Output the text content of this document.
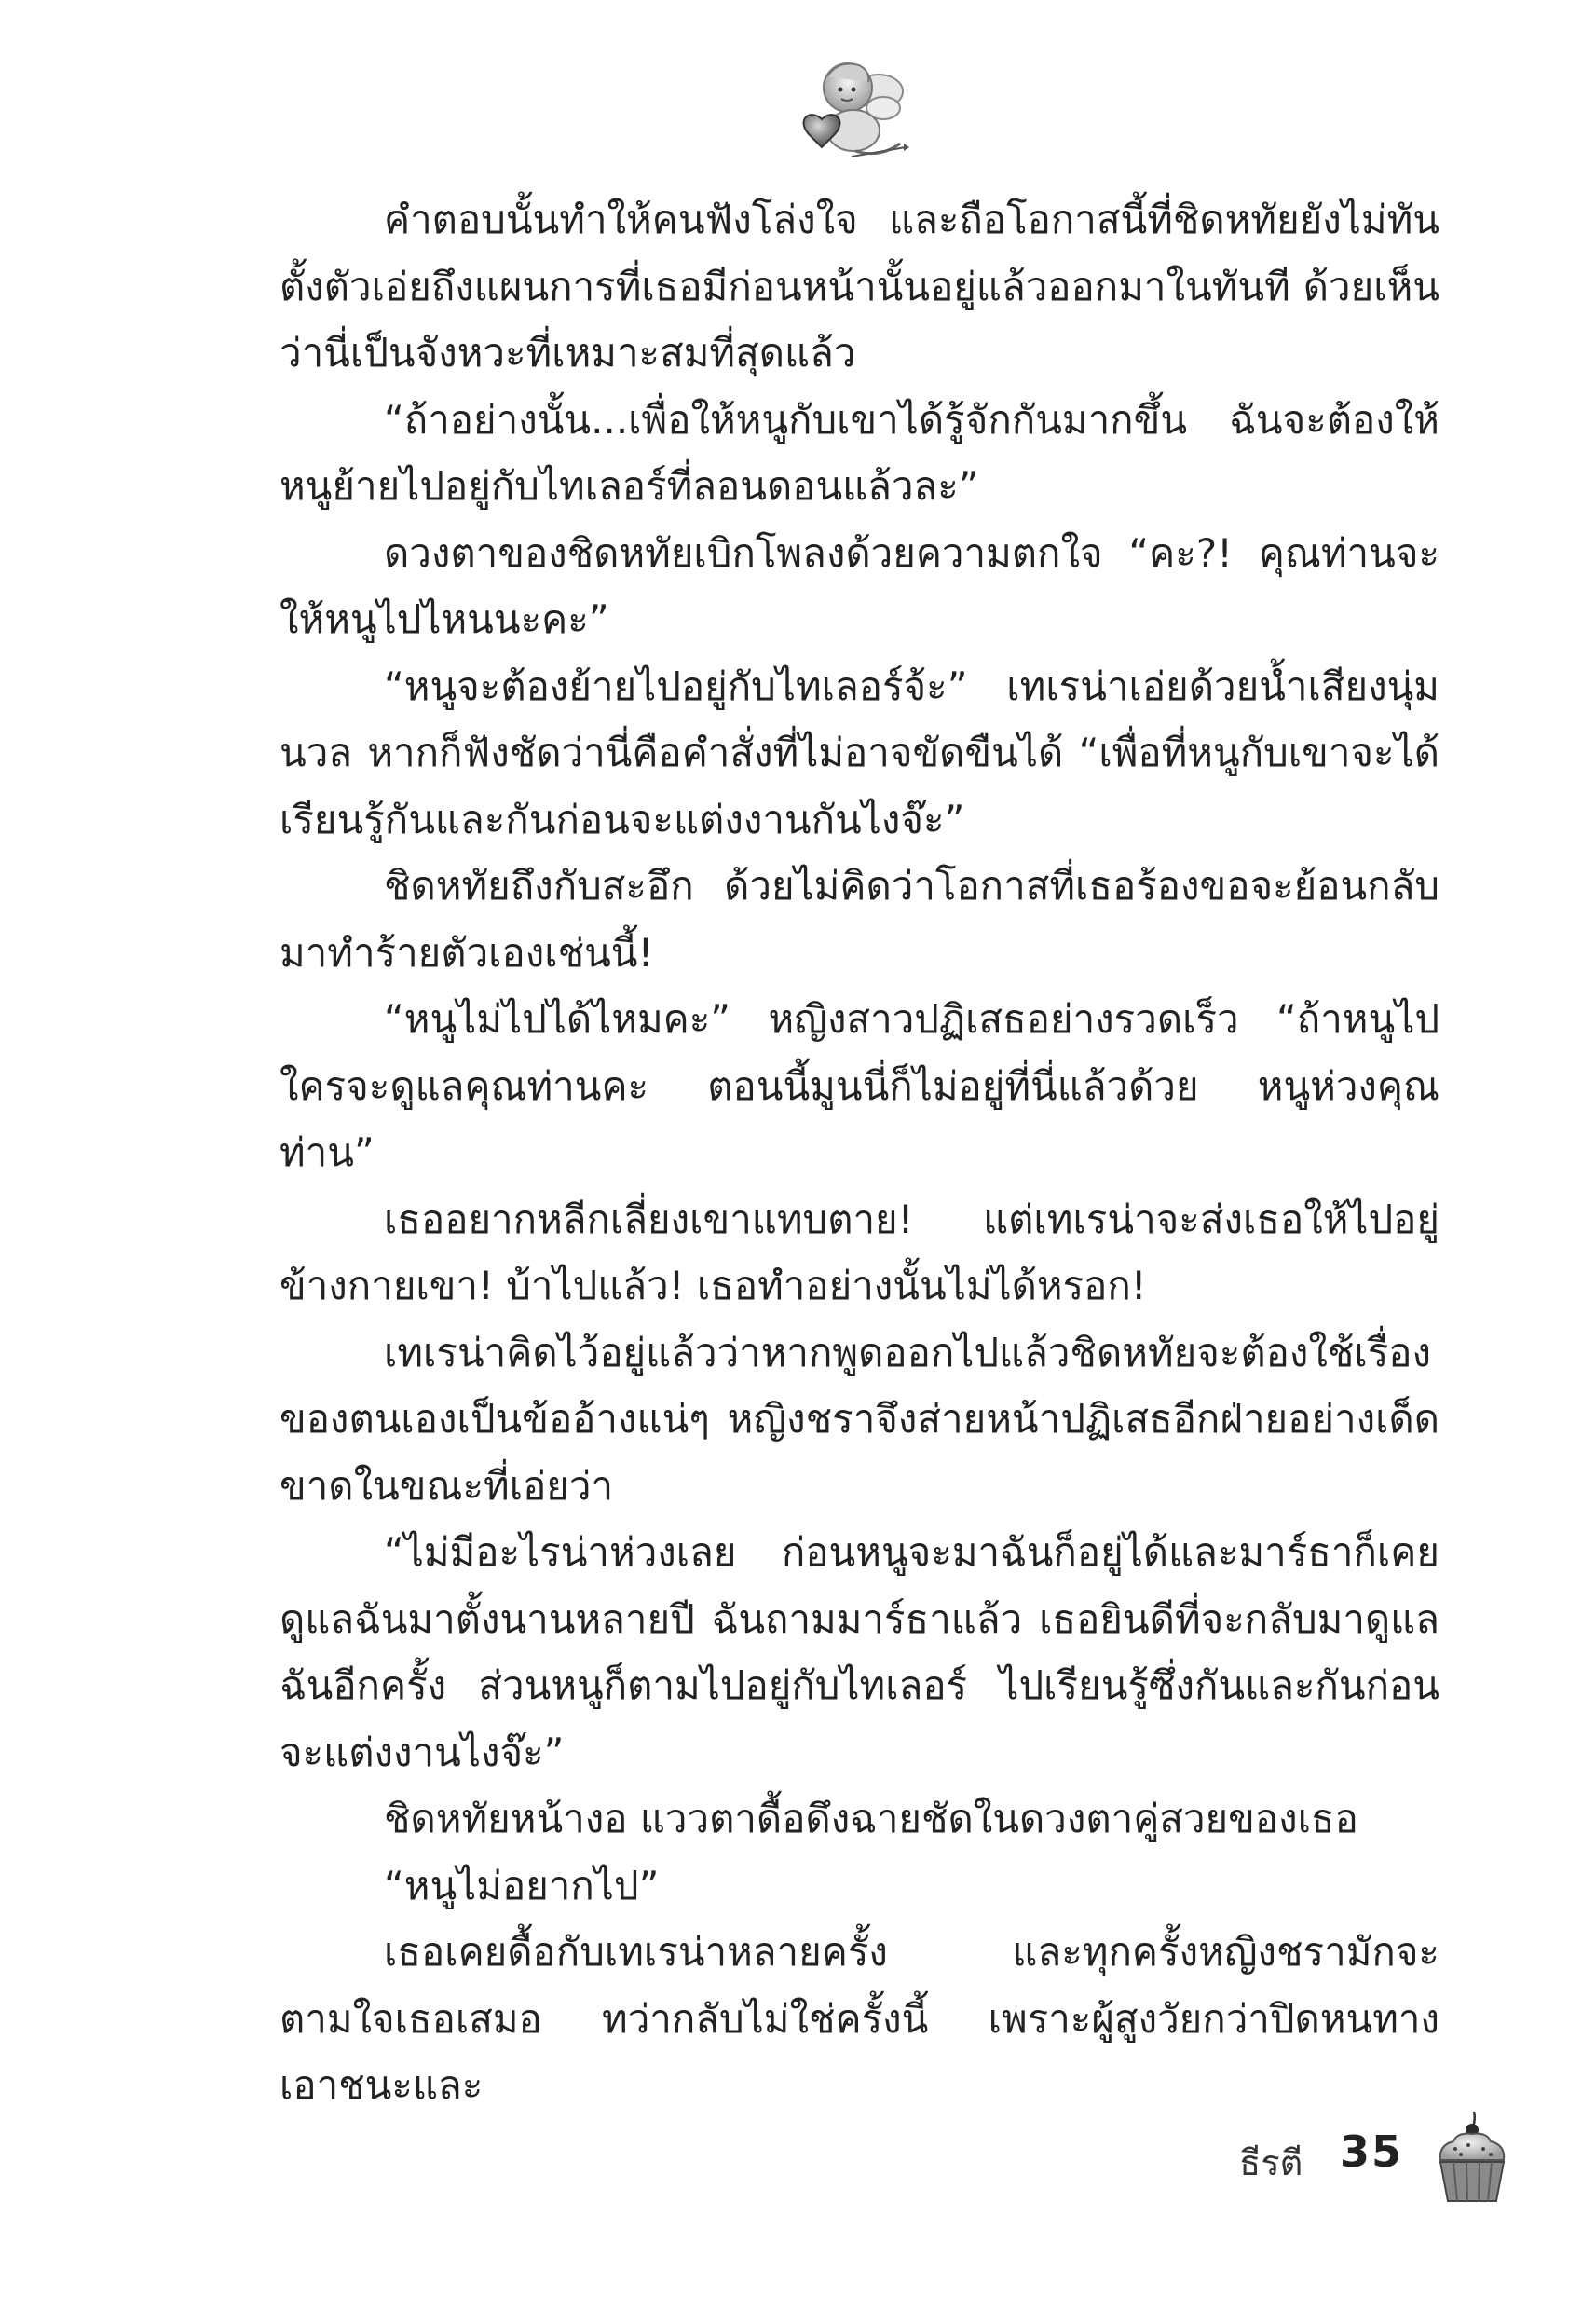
คำตอบนั้นทำให้คนฟังโล่งใจ และถือโอกาสนี้ที่ชิดหทัยยังไม่ทันตั้งตัวเอ่ยถึงแผนการที่เธอมีก่อนหน้านั้นอยู่แล้วออกมาในทันที ด้วยเห็นว่านี่เป็นจังหวะที่เหมาะสมที่สุดแล้ว

“ถ้าอย่างนั้น...เพื่อให้หนูกับเขาได้รู้จักกันมากขึ้น ฉันจะต้องให้หนูย้ายไปอยู่กับไทเลอร์ที่ลอนดอนแล้วละ”

ดวงตาของชิดหทัยเบิกโพลงด้วยความตกใจ “คะ?! คุณท่านจะให้หนูไปไหนนะคะ”

“หนูจะต้องย้ายไปอยู่กับไทเลอร์จ้ะ” เทเรน่าเอ่ยด้วยน้ำเสียงนุ่มนวล หากก็ฟังชัดว่านี่คือคำสั่งที่ไม่อาจขัดขืนได้ “เพื่อที่หนูกับเขาจะได้เรียนรู้กันและกันก่อนจะแต่งงานกันไงจ๊ะ”

ชิดหทัยถึงกับสะอึก ด้วยไม่คิดว่าโอกาสที่เธอร้องขอจะย้อนกลับมาทำร้ายตัวเองเช่นนี้!

“หนูไม่ไปได้ไหมคะ” หญิงสาวปฏิเสธอย่างรวดเร็ว “ถ้าหนูไปใครจะดูแลคุณท่านคะ ตอนนี้มูนนี่ก็ไม่อยู่ที่นี่แล้วด้วย หนูห่วงคุณท่าน”

เธออยากหลีกเลี่ยงเขาแทบตาย! แต่เทเรน่าจะส่งเธอให้ไปอยู่ข้างกายเขา! บ้าไปแล้ว! เธอทำอย่างนั้นไม่ได้หรอก!

เทเรน่าคิดไว้อยู่แล้วว่าหากพูดออกไปแล้วชิดหทัยจะต้องใช้เรื่องของตนเองเป็นข้ออ้างแน่ๆ หญิงชราจึงส่ายหน้าปฏิเสธอีกฝ่ายอย่างเด็ดขาดในขณะที่เอ่ยว่า

“ไม่มีอะไรน่าห่วงเลย ก่อนหนูจะมาฉันก็อยู่ได้และมาร์ธาก็เคยดูแลฉันมาตั้งนานหลายปี ฉันถามมาร์ธาแล้ว เธอยินดีที่จะกลับมาดูแลฉันอีกครั้ง ส่วนหนูก็ตามไปอยู่กับไทเลอร์ ไปเรียนรู้ซึ่งกันและกันก่อนจะแต่งงานไงจ๊ะ”

ชิดหทัยหน้างอ แววตาดื้อดึงฉายชัดในดวงตาคู่สวยของเธอ

“หนูไม่อยากไป”

เธอเคยดื้อกับเทเรน่าหลายครั้ง และทุกครั้งหญิงชรามักจะตามใจเธอเสมอ ทว่ากลับไม่ใช่ครั้งนี้ เพราะผู้สูงวัยกว่าปิดหนทางเอาชนะและ

ธีรตี 35
